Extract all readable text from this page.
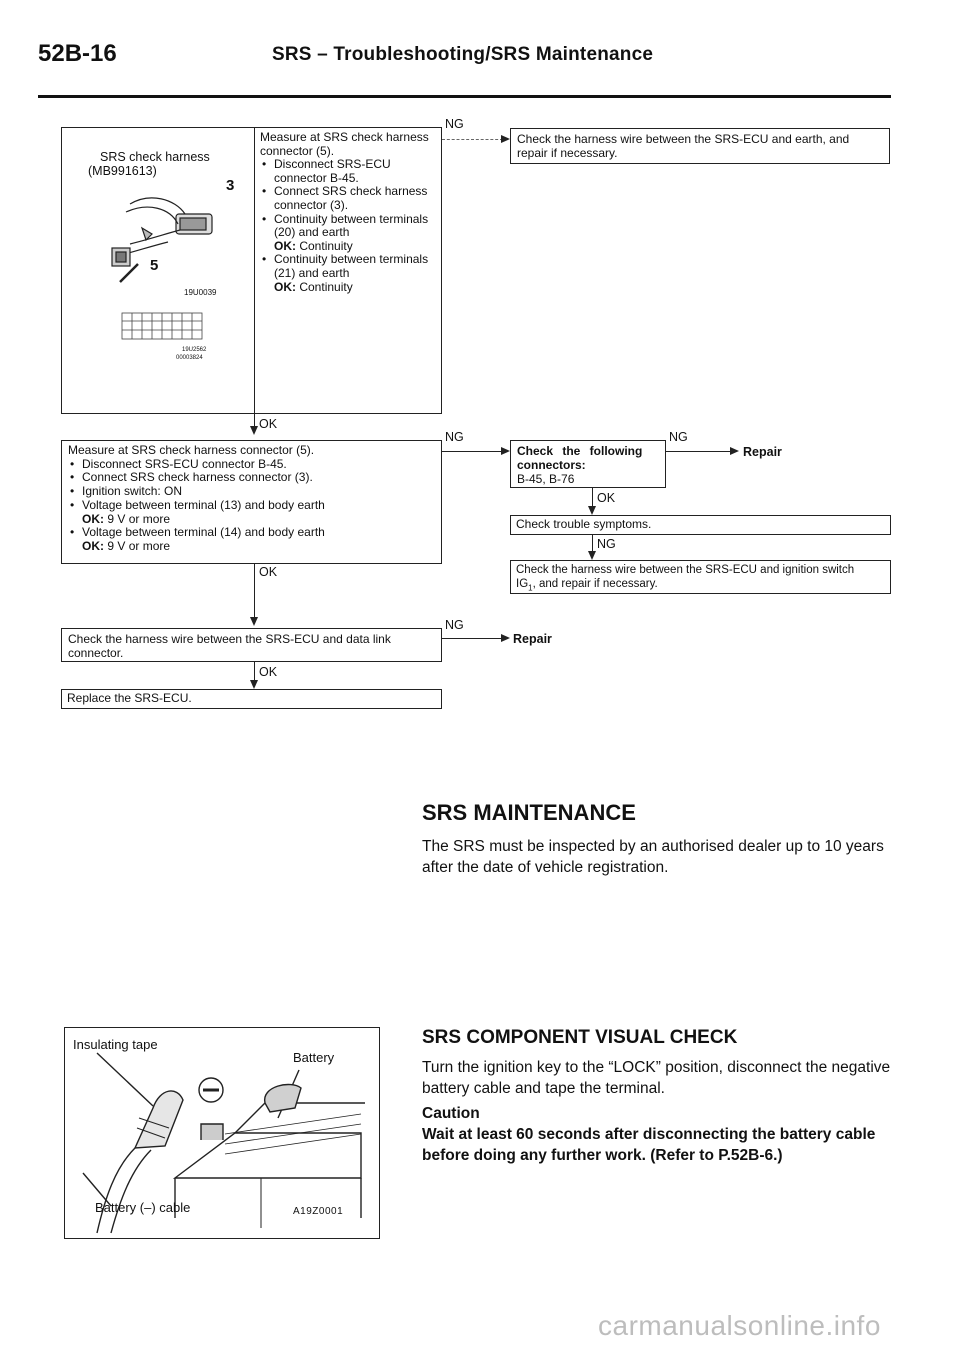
52B-16	SRS – Troubleshooting/SRS Maintenance
SRS check harness
(MB991613)
3
5
19U0039
19U2562
00003824
Measure at SRS check harness connector (5).
• Disconnect SRS-ECU connector B-45.
• Connect SRS check harness connector (3).
• Continuity between terminals (20) and earth
OK: Continuity
• Continuity between terminals (21) and earth
OK: Continuity
NG
Check the harness wire between the SRS-ECU and earth, and repair if necessary.
OK
Measure at SRS check harness connector (5).
• Disconnect SRS-ECU connector B-45.
• Connect SRS check harness connector (3).
• Ignition switch: ON
• Voltage between terminal (13) and body earth
OK: 9 V or more
• Voltage between terminal (14) and body earth
OK: 9 V or more
NG
Check the following
connectors:
B-45, B-76
NG
Repair
OK
Check trouble symptoms.
NG
Check the harness wire between the SRS-ECU and ignition switch
$IG_1$, and repair if necessary.
OK
Check the harness wire between the SRS-ECU and data link connector.
NG
Repair
OK
Replace the SRS-ECU.
SRS MAINTENANCE
The SRS must be inspected by an authorised dealer up to 10 years after the date of vehicle registration.
Insulating tape
Battery
Battery (–) cable	A19Z0001
SRS COMPONENT VISUAL CHECK
Turn the ignition key to the “LOCK” position, disconnect the negative battery cable and tape the terminal.
Caution
Wait at least 60 seconds after disconnecting the battery cable before doing any further work. (Refer to P.52B-6.)
carmanualsonline.info
